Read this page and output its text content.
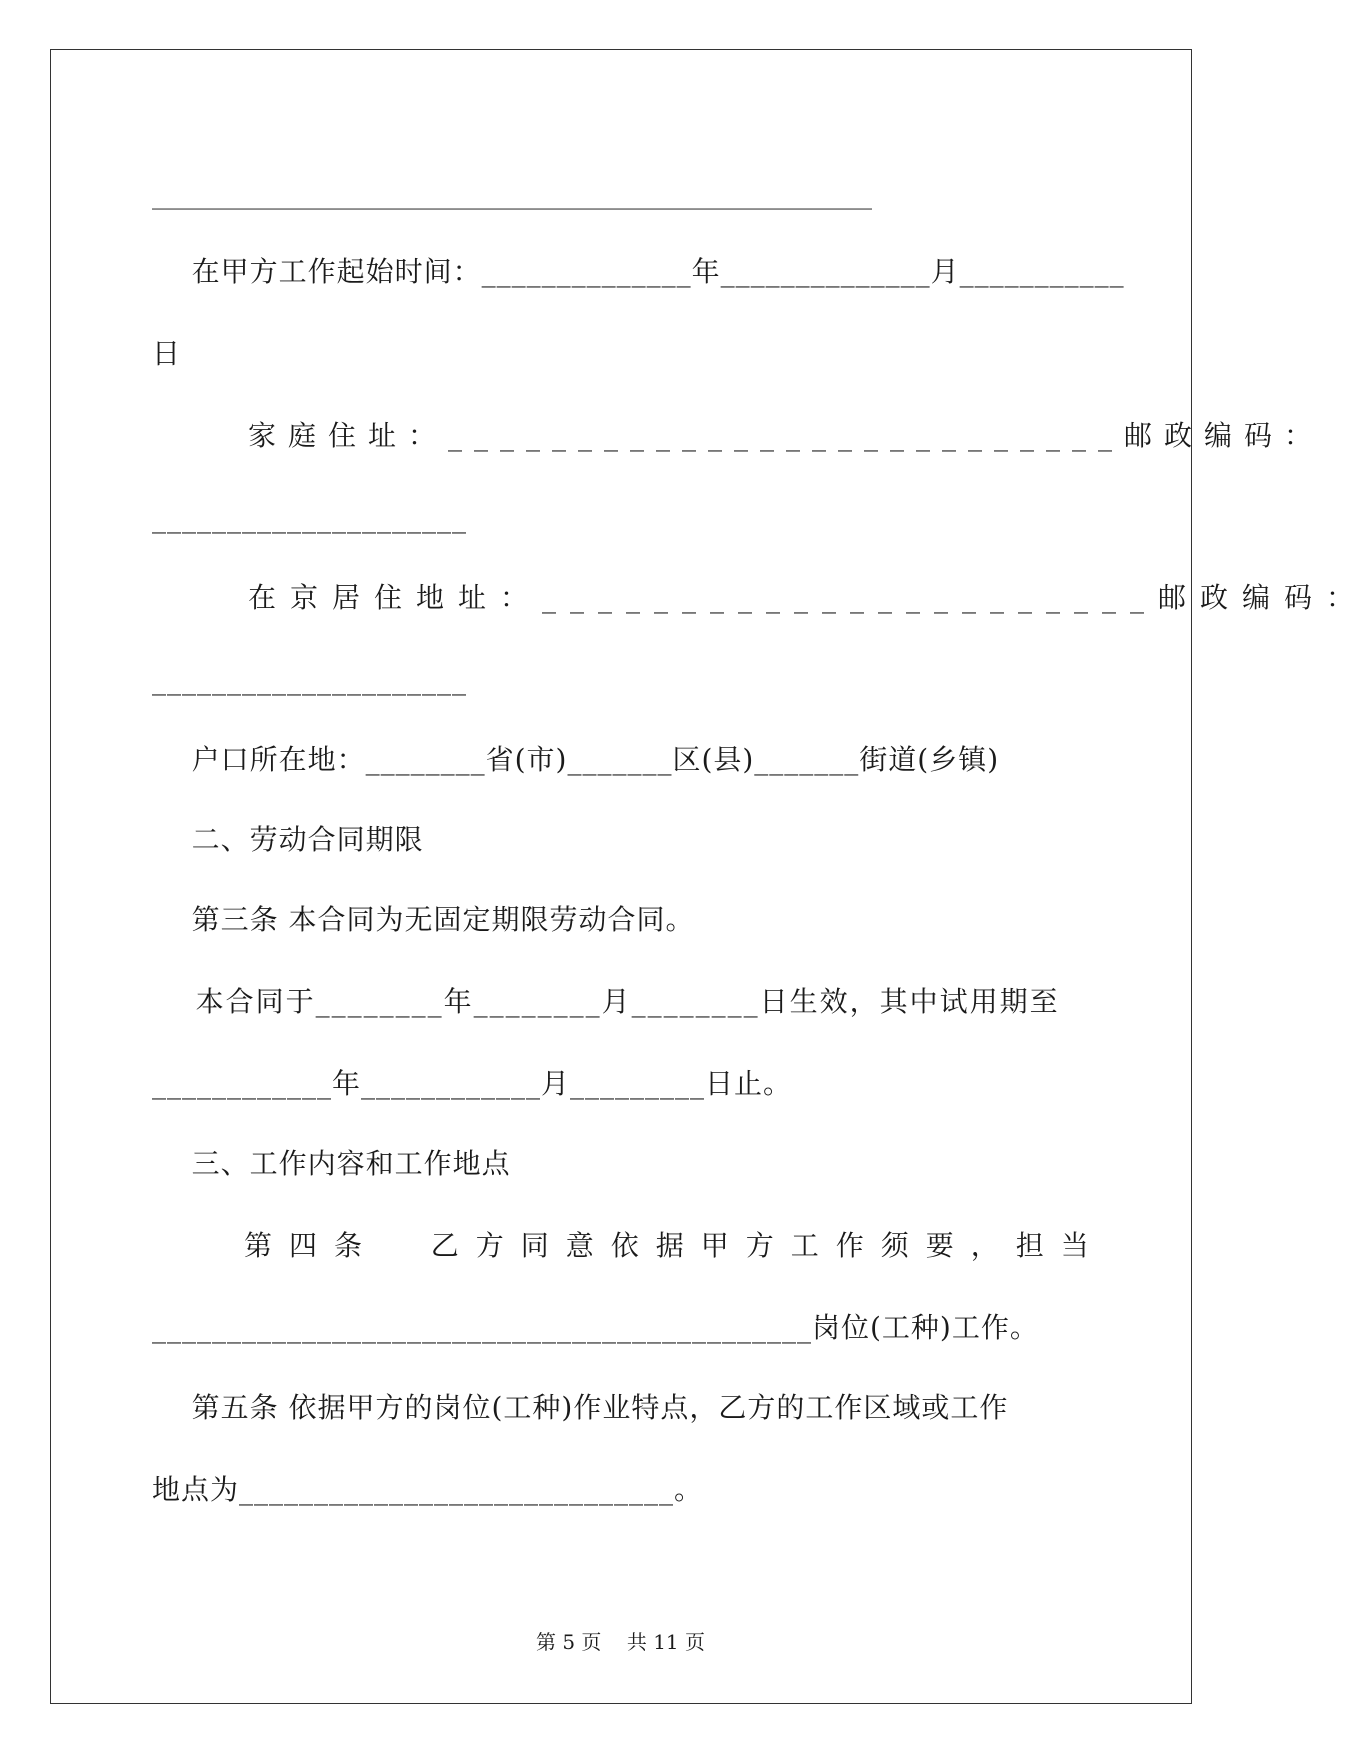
____________________________________________________________
在甲方工作起始时间：______________年______________月___________
日
家庭住址：__________________________邮政编码：
_____________________
在京居住地址：______________________邮政编码：
_____________________
户口所在地：________省(市)_______区(县)_______街道(乡镇)
二、劳动合同期限
第三条 本合同为无固定期限劳动合同。
本合同于________年________月________日生效，其中试用期至
____________年____________月_________日止。
三、工作内容和工作地点
第四条  乙方同意依据甲方工作须要，担当
____________________________________________岗位(工种)工作。
第五条 依据甲方的岗位(工种)作业特点，乙方的工作区域或工作
地点为_____________________________。
第 5 页    共 11 页
